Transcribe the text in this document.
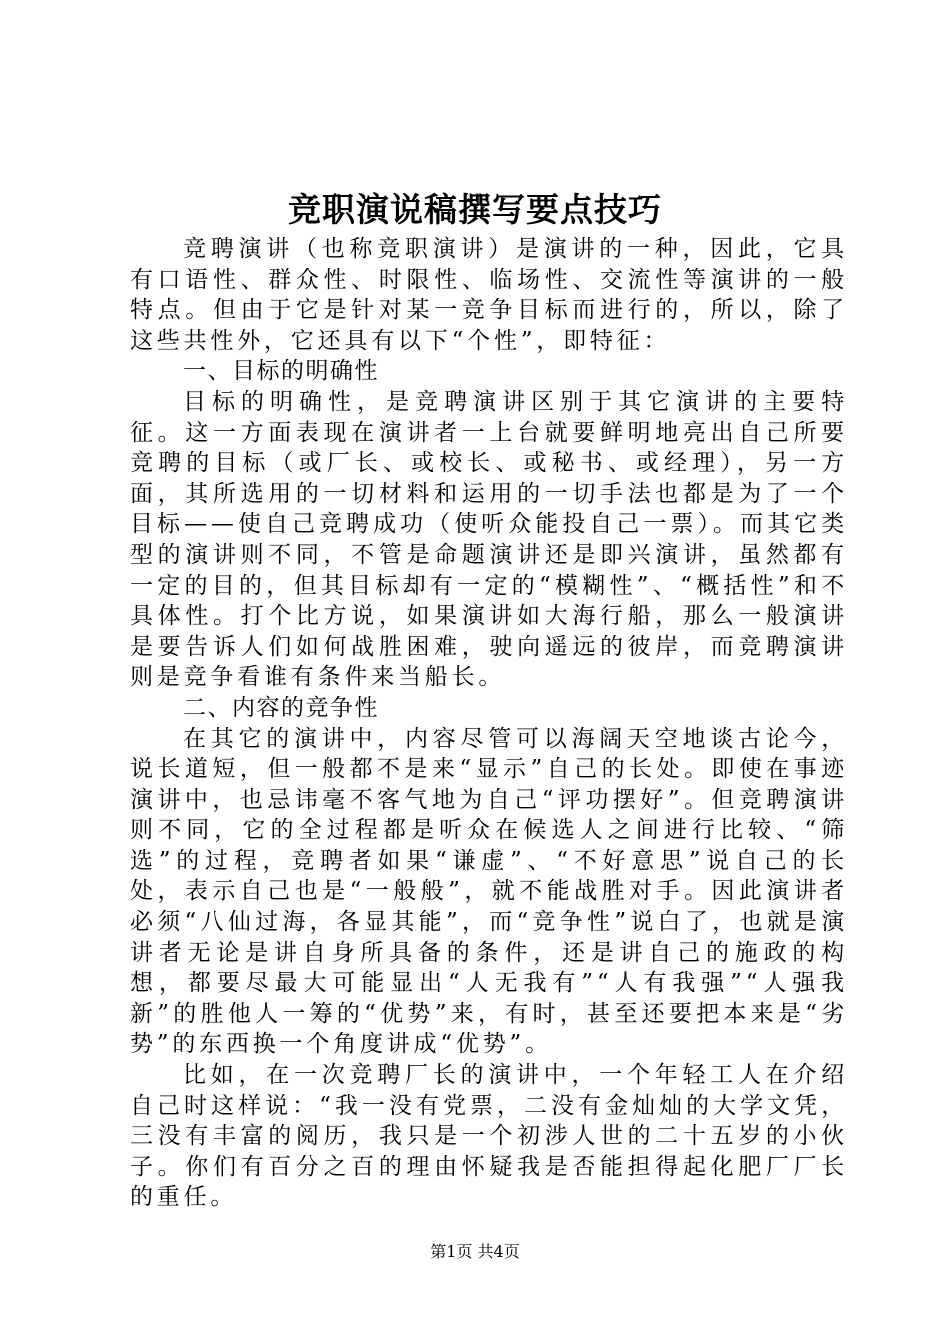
竞职演说稿撰写要点技巧

竞聘演讲（也称竞职演讲）是演讲的一种，因此，它具有口语性、群众性、时限性、临场性、交流性等演讲的一般特点。但由于它是针对某一竞争目标而进行的，所以，除了这些共性外，它还具有以下“个性”，即特征：

一、目标的明确性

目标的明确性，是竞聘演讲区别于其它演讲的主要特征。这一方面表现在演讲者一上台就要鲜明地亮出自己所要竞聘的目标（或厂长、或校长、或秘书、或经理），另一方面，其所选用的一切材料和运用的一切手法也都是为了一个目标——使自己竞聘成功（使听众能投自己一票）。而其它类型的演讲则不同，不管是命题演讲还是即兴演讲，虽然都有一定的目的，但其目标却有一定的“模糊性”、“概括性”和不具体性。打个比方说，如果演讲如大海行船，那么一般演讲是要告诉人们如何战胜困难，驶向遥远的彼岸，而竞聘演讲则是竞争看谁有条件来当船长。

二、内容的竞争性

在其它的演讲中，内容尽管可以海阔天空地谈古论今，说长道短，但一般都不是来“显示”自己的长处。即使在事迹演讲中，也忌讳毫不客气地为自己“评功摆好”。但竞聘演讲则不同，它的全过程都是听众在候选人之间进行比较、“筛选”的过程，竞聘者如果“谦虚”、“不好意思”说自己的长处，表示自己也是“一般般”，就不能战胜对手。因此演讲者必须“八仙过海，各显其能”，而“竞争性”说白了，也就是演讲者无论是讲自身所具备的条件，还是讲自己的施政的构想，都要尽最大可能显出“人无我有”“人有我强”“人强我新”的胜他人一筹的“优势”来，有时，甚至还要把本来是“劣势”的东西换一个角度讲成“优势”。

比如，在一次竞聘厂长的演讲中，一个年轻工人在介绍自己时这样说：“我一没有党票，二没有金灿灿的大学文凭，三没有丰富的阅历，我只是一个初涉人世的二十五岁的小伙子。你们有百分之百的理由怀疑我是否能担得起化肥厂厂长的重任。

第1页 共4页
